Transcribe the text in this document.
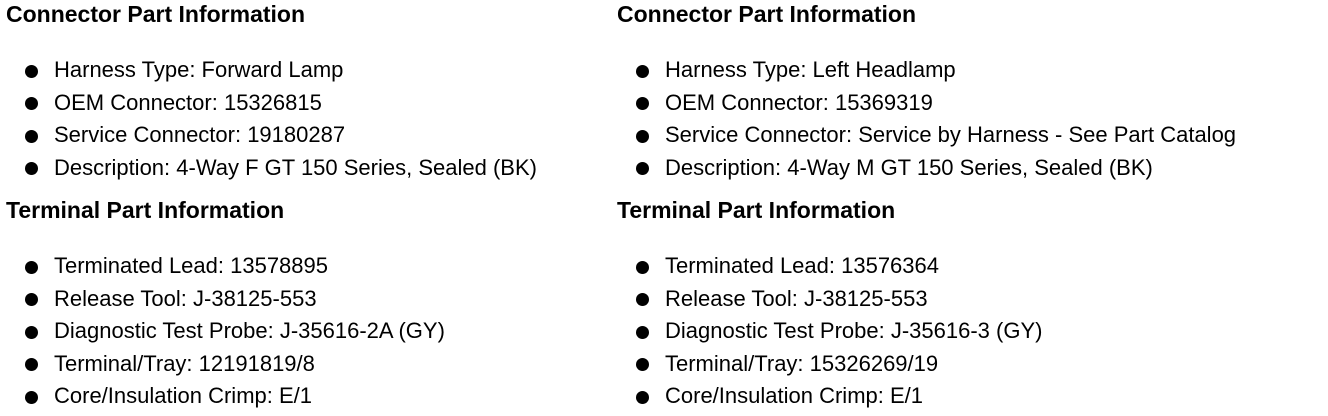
Connector Part Information
Harness Type: Forward Lamp
OEM Connector: 15326815
Service Connector: 19180287
Description: 4-Way F GT 150 Series, Sealed (BK)
Terminal Part Information
Terminated Lead: 13578895
Release Tool: J-38125-553
Diagnostic Test Probe: J-35616-2A (GY)
Terminal/Tray: 12191819/8
Core/Insulation Crimp: E/1
Connector Part Information
Harness Type: Left Headlamp
OEM Connector: 15369319
Service Connector: Service by Harness - See Part Catalog
Description: 4-Way M GT 150 Series, Sealed (BK)
Terminal Part Information
Terminated Lead: 13576364
Release Tool: J-38125-553
Diagnostic Test Probe: J-35616-3 (GY)
Terminal/Tray: 15326269/19
Core/Insulation Crimp: E/1
